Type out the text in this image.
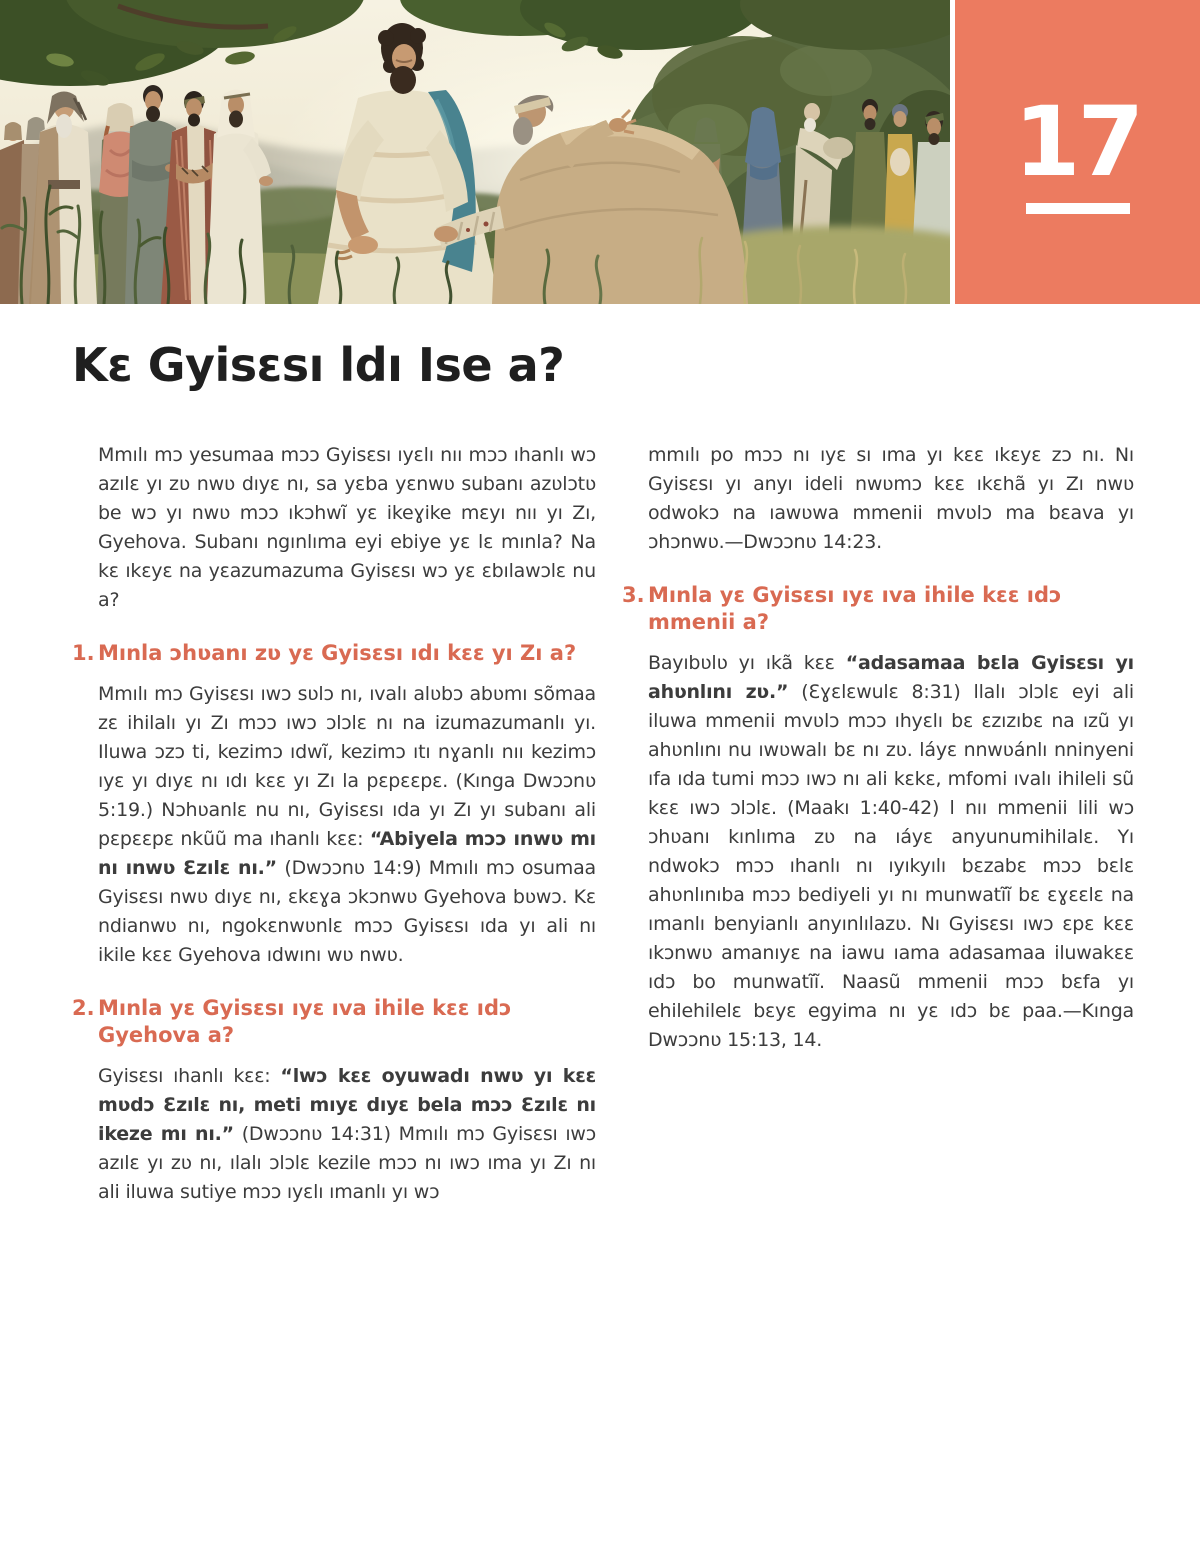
17
Kɛ Gyisɛsı ldı Ise a?

Mmılı mɔ yesumaa mɔɔ Gyisɛsı ıyɛlı nıı mɔɔ ıhanlı wɔ azılɛ yı zʋ nwʋ dıyɛ nı, sa yɛba yɛnwʋ subanı azʋlɔtʋ be wɔ yı nwʋ mɔɔ ıkɔhwĩ yɛ ikeɣike mɛyı nıı yı Zı, Gyehova. Subanı ngınlıma eyi ebiye yɛ lɛ mınla? Na kɛ ıkɛyɛ na yɛazumazuma Gyisɛsı wɔ yɛ ɛbılawɔlɛ nu a?

1. Mınla ɔhʋanı zʋ yɛ Gyisɛsı ıdı kɛɛ yı Zı a?

Mmılı mɔ Gyisɛsı ıwɔ sʋlɔ nı, ıvalı alʋbɔ abʋmı sõmaa zɛ ihilalı yı Zı mɔɔ ıwɔ ɔlɔlɛ nı na izumazumanlı yı. Iluwa ɔzɔ ti, kezimɔ ıdwĩ, kezimɔ ıtı nɣanlı nıı kezimɔ ıyɛ yı dıyɛ nı ıdı kɛɛ yı Zı la pɛpɛɛpɛ. (Kınga Dwɔɔnʋ 5:19.) Nɔhʋanlɛ nu nı, Gyisɛsı ıda yı Zı yı subanı ali pɛpɛɛpɛ nkũũ ma ıhanlı kɛɛ: “Abiyela mɔɔ ınwʋ mı nı ınwʋ Ɛzılɛ nı.” (Dwɔɔnʋ 14:9) Mmılı mɔ osumaa Gyisɛsı nwʋ dıyɛ nı, ɛkɛɣa ɔkɔnwʋ Gyehova bʋwɔ. Kɛ ndianwʋ nı, ngokɛnwʋnlɛ mɔɔ Gyisɛsı ıda yı ali nı ikile kɛɛ Gyehova ıdwını wʋ nwʋ.

2. Mınla yɛ Gyisɛsı ıyɛ ıva ihile kɛɛ ıdɔ Gyehova a?

Gyisɛsı ıhanlı kɛɛ: “lwɔ kɛɛ oyuwadı nwʋ yı kɛɛ mʋdɔ Ɛzılɛ nı, meti mıyɛ dıyɛ bela mɔɔ Ɛzılɛ nı ikeze mı nı.” (Dwɔɔnʋ 14:31) Mmılı mɔ Gyisɛsı ıwɔ azılɛ yı zʋ nı, ılalı ɔlɔlɛ kezile mɔɔ nı ıwɔ ıma yı Zı nı ali iluwa sutiye mɔɔ ıyɛlı ımanlı yı wɔ

mmılı po mɔɔ nı ıyɛ sı ıma yı kɛɛ ıkɛyɛ zɔ nı. Nı Gyisɛsı yı anyı ideli nwʋmɔ kɛɛ ıkɛhã yı Zı nwʋ odwokɔ na ıawʋwa mmenii mvʋlɔ ma bɛava yı ɔhɔnwʋ.—Dwɔɔnʋ 14:23.

3. Mınla yɛ Gyisɛsı ıyɛ ıva ihile kɛɛ ıdɔ mmenii a?

Bayıbʋlʋ yı ıkã kɛɛ “adasamaa bɛla Gyisɛsı yı ahʋnlını zʋ.” (Ɛɣɛlɛwulɛ 8:31) llalı ɔlɔlɛ eyi ali iluwa mmenii mvʋlɔ mɔɔ ıhyɛlı bɛ ɛzızıbɛ na ızũ yı ahʋnlını nu ıwʋwalı bɛ nı zʋ. láyɛ nnwʋánlı nninyeni ıfa ıda tumi mɔɔ ıwɔ nı ali kɛkɛ, mfomi ıvalı ihileli sũ kɛɛ ıwɔ ɔlɔlɛ. (Maakı 1:40-42) l nıı mmenii lili wɔ ɔhʋanı kınlıma zʋ na ıáyɛ anyunumihilalɛ. Yı ndwokɔ mɔɔ ıhanlı nı ıyıkyılı bɛzabɛ mɔɔ bɛlɛ ahʋnlınıba mɔɔ bediyeli yı nı munwatĩĩ bɛ ɛɣɛɛlɛ na ımanlı benyianlı anyınlılazʋ. Nı Gyisɛsı ıwɔ ɛpɛ kɛɛ ıkɔnwʋ amanıyɛ na iawu ıama adasamaa iluwakɛɛ ıdɔ bo munwatĩĩ. Naasũ mmenii mɔɔ bɛfa yı ehilehilelɛ bɛyɛ egyima nı yɛ ıdɔ bɛ paa.—Kınga Dwɔɔnʋ 15:13, 14.
